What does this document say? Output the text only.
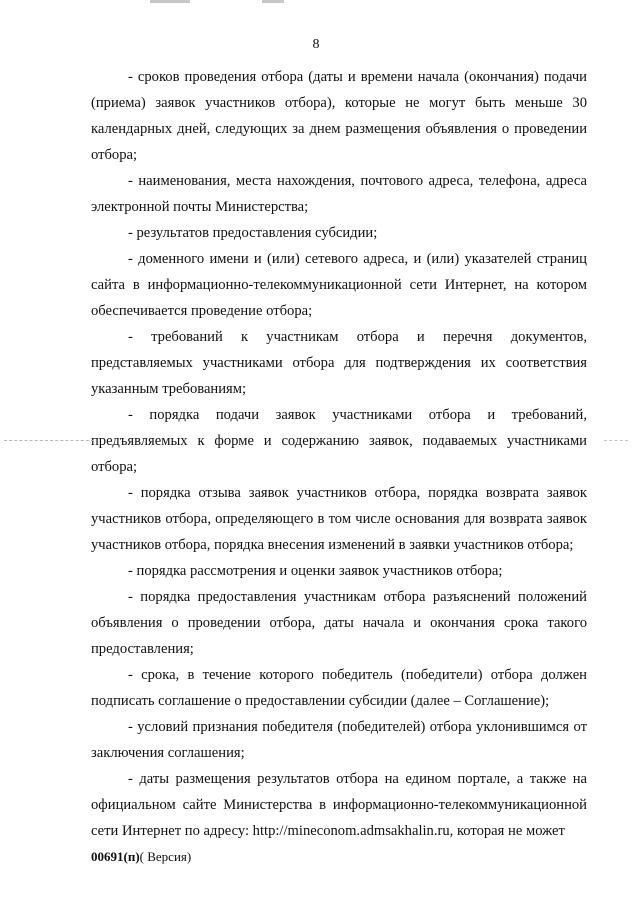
8

- сроков проведения отбора (даты и времени начала (окончания) подачи (приема) заявок участников отбора), которые не могут быть меньше 30 календарных дней, следующих за днем размещения объявления о проведении отбора;

- наименования, места нахождения, почтового адреса, телефона, адреса электронной почты Министерства;

- результатов предоставления субсидии;

- доменного имени и (или) сетевого адреса, и (или) указателей страниц сайта в информационно-телекоммуникационной сети Интернет, на котором обеспечивается проведение отбора;

- требований к участникам отбора и перечня документов, представляемых участниками отбора для подтверждения их соответствия указанным требованиям;

- порядка подачи заявок участниками отбора и требований, предъявляемых к форме и содержанию заявок, подаваемых участниками отбора;

- порядка отзыва заявок участников отбора, порядка возврата заявок участников отбора, определяющего в том числе основания для возврата заявок участников отбора, порядка внесения изменений в заявки участников отбора;

- порядка рассмотрения и оценки заявок участников отбора;

- порядка предоставления участникам отбора разъяснений положений объявления о проведении отбора, даты начала и окончания срока такого предоставления;

- срока, в течение которого победитель (победители) отбора должен подписать соглашение о предоставлении субсидии (далее – Соглашение);

- условий признания победителя (победителей) отбора уклонившимся от заключения соглашения;

- даты размещения результатов отбора на едином портале, а также на официальном сайте Министерства в информационно-телекоммуникационной сети Интернет по адресу: http://mineconom.admsakhalin.ru, которая не может

00691(п)( Версия)
